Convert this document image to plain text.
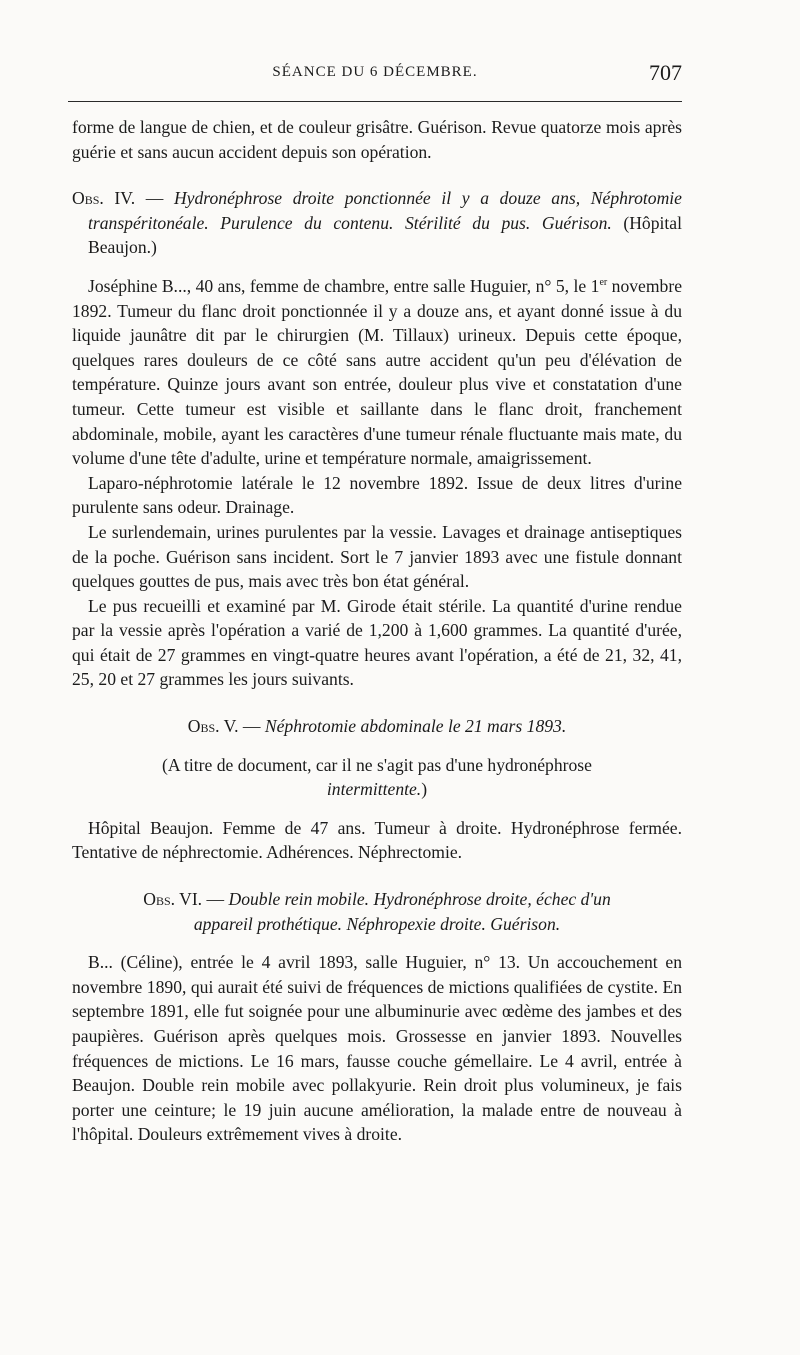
SÉANCE DU 6 DÉCEMBRE.	707

forme de langue de chien, et de couleur grisâtre. Guérison. Revue quatorze mois après guérie et sans aucun accident depuis son opération.

Obs. IV. — Hydronéphrose droite ponctionnée il y a douze ans, Néphrotomie transpéritonéale. Purulence du contenu. Stérilité du pus. Guérison. (Hôpital Beaujon.)

Joséphine B..., 40 ans, femme de chambre, entre salle Huguier, n° 5, le 1er novembre 1892. Tumeur du flanc droit ponctionnée il y a douze ans, et ayant donné issue à du liquide jaunâtre dit par le chirurgien (M. Tillaux) urineux. Depuis cette époque, quelques rares douleurs de ce côté sans autre accident qu'un peu d'élévation de température. Quinze jours avant son entrée, douleur plus vive et constatation d'une tumeur. Cette tumeur est visible et saillante dans le flanc droit, franchement abdominale, mobile, ayant les caractères d'une tumeur rénale fluctuante mais mate, du volume d'une tête d'adulte, urine et température normale, amaigrissement.

Laparo-néphrotomie latérale le 12 novembre 1892. Issue de deux litres d'urine purulente sans odeur. Drainage.

Le surlendemain, urines purulentes par la vessie. Lavages et drainage antiseptiques de la poche. Guérison sans incident. Sort le 7 janvier 1893 avec une fistule donnant quelques gouttes de pus, mais avec très bon état général.

Le pus recueilli et examiné par M. Girode était stérile. La quantité d'urine rendue par la vessie après l'opération a varié de 1,200 à 1,600 grammes. La quantité d'urée, qui était de 27 grammes en vingt-quatre heures avant l'opération, a été de 21, 32, 41, 25, 20 et 27 grammes les jours suivants.

Obs. V. — Néphrotomie abdominale le 21 mars 1893.

(A titre de document, car il ne s'agit pas d'une hydronéphrose
intermittente.)

Hôpital Beaujon. Femme de 47 ans. Tumeur à droite. Hydronéphrose fermée. Tentative de néphrectomie. Adhérences. Néphrectomie.

Obs. VI. — Double rein mobile. Hydronéphrose droite, échec d'un
appareil prothétique. Néphropexie droite. Guérison.

B... (Céline), entrée le 4 avril 1893, salle Huguier, n° 13. Un accouchement en novembre 1890, qui aurait été suivi de fréquences de mictions qualifiées de cystite. En septembre 1891, elle fut soignée pour une albuminurie avec œdème des jambes et des paupières. Guérison après quelques mois. Grossesse en janvier 1893. Nouvelles fréquences de mictions. Le 16 mars, fausse couche gémellaire. Le 4 avril, entrée à Beaujon. Double rein mobile avec pollakyurie. Rein droit plus volumineux, je fais porter une ceinture; le 19 juin aucune amélioration, la malade entre de nouveau à l'hôpital. Douleurs extrêmement vives à droite.
